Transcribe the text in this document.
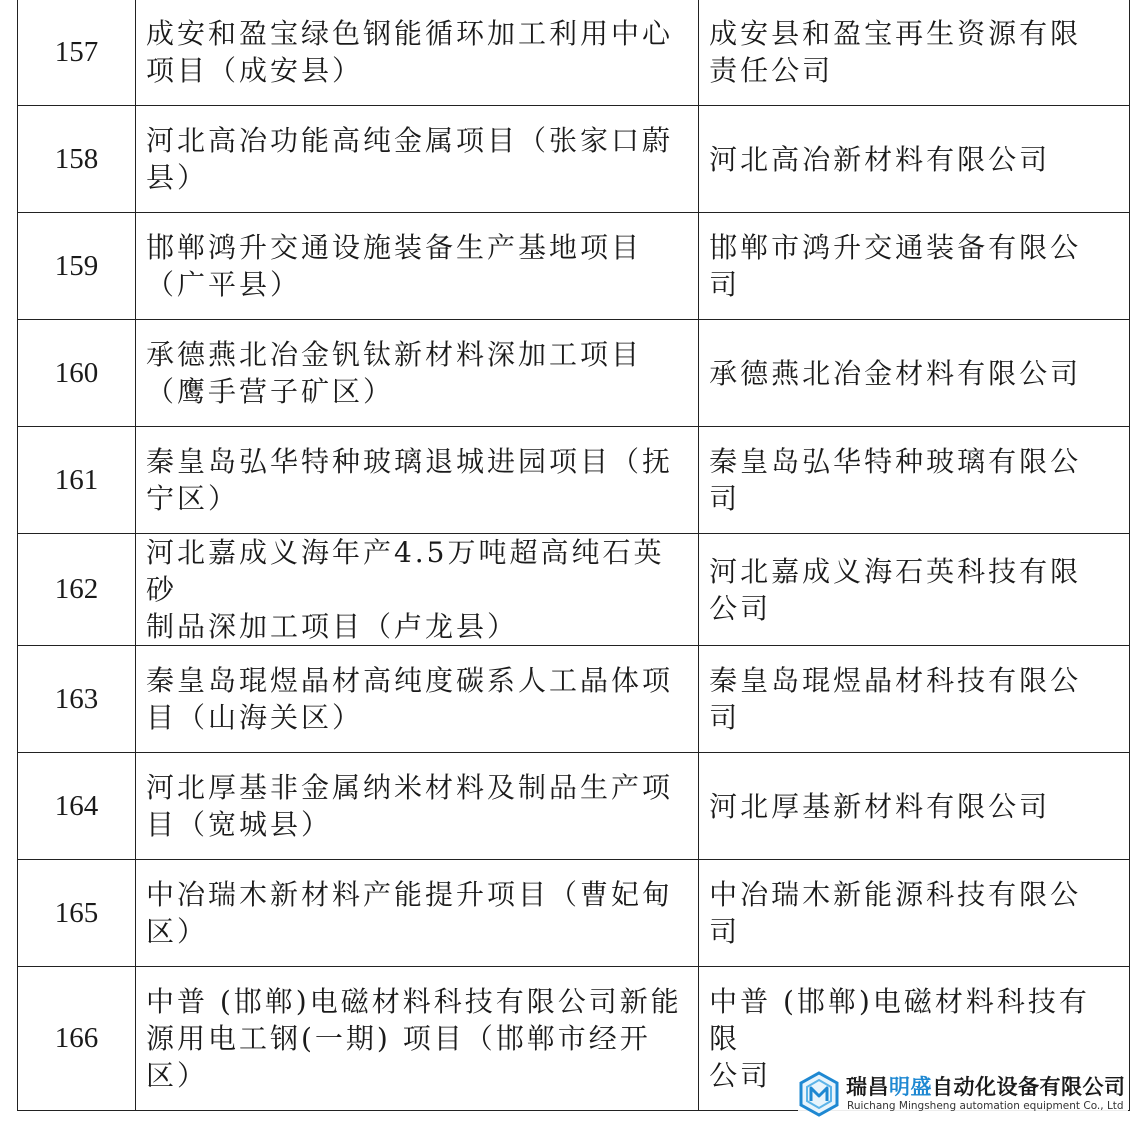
157	成安和盈宝绿色钢能循环加工利用中心
项目（成安县）	成安县和盈宝再生资源有限
责任公司

158	河北高冶功能高纯金属项目（张家口蔚
县）	河北高冶新材料有限公司

159	邯郸鸿升交通设施装备生产基地项目
（广平县）	邯郸市鸿升交通装备有限公
司

160	承德燕北冶金钒钛新材料深加工项目
（鹰手营子矿区）	承德燕北冶金材料有限公司

161	秦皇岛弘华特种玻璃退城进园项目（抚
宁区）	秦皇岛弘华特种玻璃有限公
司

162	河北嘉成义海年产4.5万吨超高纯石英砂
制品深加工项目（卢龙县）	河北嘉成义海石英科技有限
公司

163	秦皇岛琨煜晶材高纯度碳系人工晶体项
目（山海关区）	秦皇岛琨煜晶材科技有限公
司

164	河北厚基非金属纳米材料及制品生产项
目（宽城县）	河北厚基新材料有限公司

165	中冶瑞木新材料产能提升项目（曹妃甸
区）	中冶瑞木新能源科技有限公
司

166	中普 (邯郸)电磁材料科技有限公司新能
源用电工钢(一期) 项目（邯郸市经开
区）	中普 (邯郸)电磁材料科技有限
公司	瑞昌明盛自动化设备有限公司
Ruichang Mingsheng automation equipment Co., Ltd
